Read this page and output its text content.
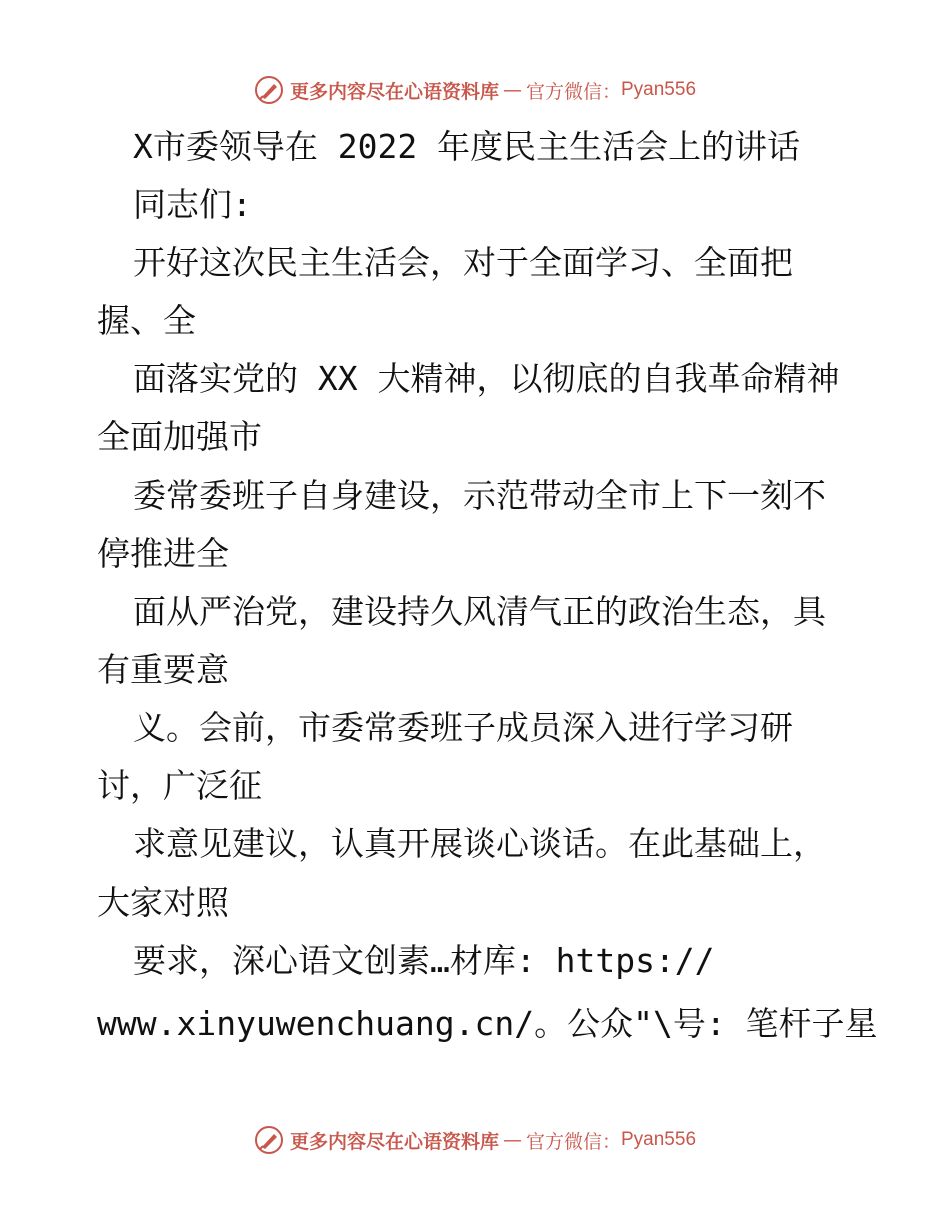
更多内容尽在心语资料库 — 官方微信： Pyan556
X市委领导在 2022 年度民主生活会上的讲话
同志们:
开好这次民主生活会，对于全面学习、全面把
握、全
面落实党的 XX 大精神，以彻底的自我革命精神
全面加强市
委常委班子自身建设，示范带动全市上下一刻不
停推进全
面从严治党，建设持久风清气正的政治生态，具
有重要意
义。会前，市委常委班子成员深入进行学习研
讨，广泛征
求意见建议，认真开展谈心谈话。在此基础上，
大家对照
要求，深心语文创素…材库: https://
www.xinyuwenchuang.cn/。公众"\号: 笔杆子星
更多内容尽在心语资料库 — 官方微信： Pyan556
